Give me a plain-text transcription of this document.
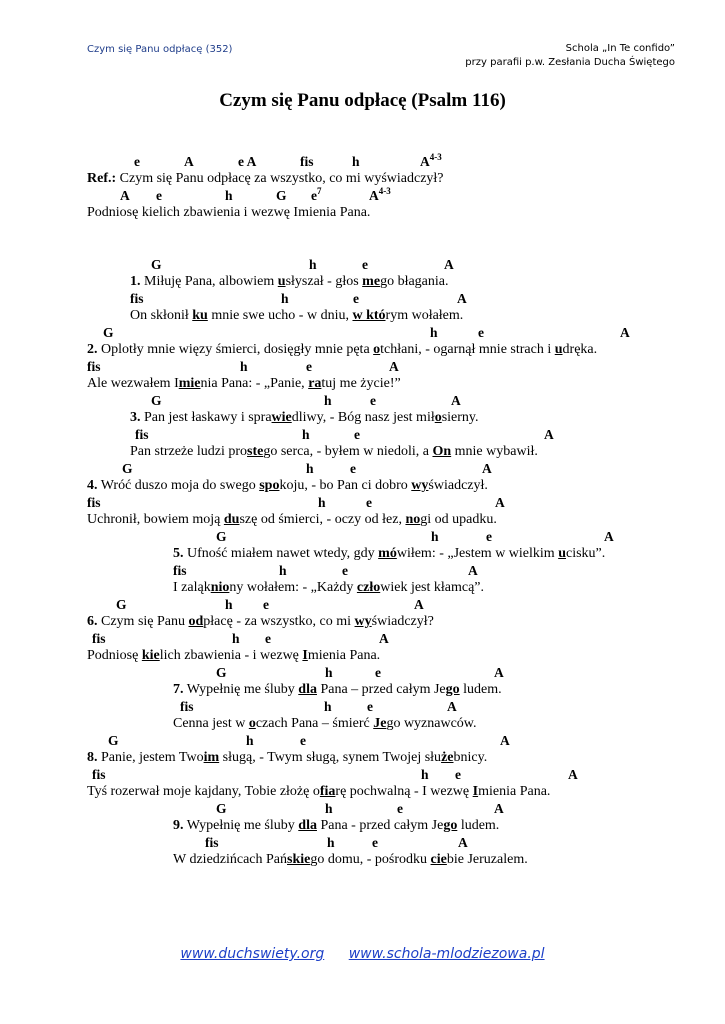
Czym się Panu odpłacę (352)	Schola „In Te confido”
przy parafii p.w. Zesłania Ducha Świętego
Czym się Panu odpłacę (Psalm 116)
e	A	e A	fis	h	$A^{4-3}$
Ref.: Czym się Panu odpłacę za wszystko, co mi wyświadczył?
A e	h	G $e^7$	$A^{4-3}$
Podniosę kielich zbawienia i wezwę Imienia Pana.
G	h	e	A
1. Miłuję Pana, albowiem usłyszał - głos mego błagania.
fis	h	e	A
On skłonił ku mnie swe ucho - w dniu, w którym wołałem.
G	h	e	A
2. Oplotły mnie więzy śmierci, dosięgły mnie pęta otchłani, - ogarnął mnie strach i udręka.
fis	h	e	A
Ale wezwałem Imienia Pana: - „Panie, ratuj me życie!”
G	h	e	A
3. Pan jest łaskawy i sprawiedliwy, - Bóg nasz jest miłosierny.
fis	h	e	A
Pan strzeże ludzi prostego serca, - byłem w niedoli, a On mnie wybawił.
G	h	e	A
4. Wróć duszo moja do swego spokoju, - bo Pan ci dobro wyświadczył.
fis	h	e	A
Uchronił, bowiem moją duszę od śmierci, - oczy od łez, nogi od upadku.
G	h	e	A
5. Ufność miałem nawet wtedy, gdy mówiłem: - „Jestem w wielkim ucisku”.
fis	h	e	A
I zaląkniony wołałem: - „Każdy człowiek jest kłamcą”.
G	h e	A
6. Czym się Panu odpłacę - za wszystko, co mi wyświadczył?
fis	h e	A
Podniosę kielich zbawienia - i wezwę Imienia Pana.
G	h	e	A
7. Wypełnię me śluby dla Pana – przed całym Jego ludem.
fis	h	e	A
Cenna jest w oczach Pana – śmierć Jego wyznawców.
G	h	e	A
8. Panie, jestem Twoim sługą, - Twym sługą, synem Twojej służebnicy.
fis	h e	A
Tyś rozerwał moje kajdany, Tobie złożę ofiarę pochwalną - I wezwę Imienia Pana.
G	h	e	A
9. Wypełnię me śluby dla Pana - przed całym Jego ludem.
fis	h	e	A
W dziedzińcach Pańskiego domu, - pośrodku ciebie Jeruzalem.
www.duchswiety.org www.schola-mlodziezowa.pl
